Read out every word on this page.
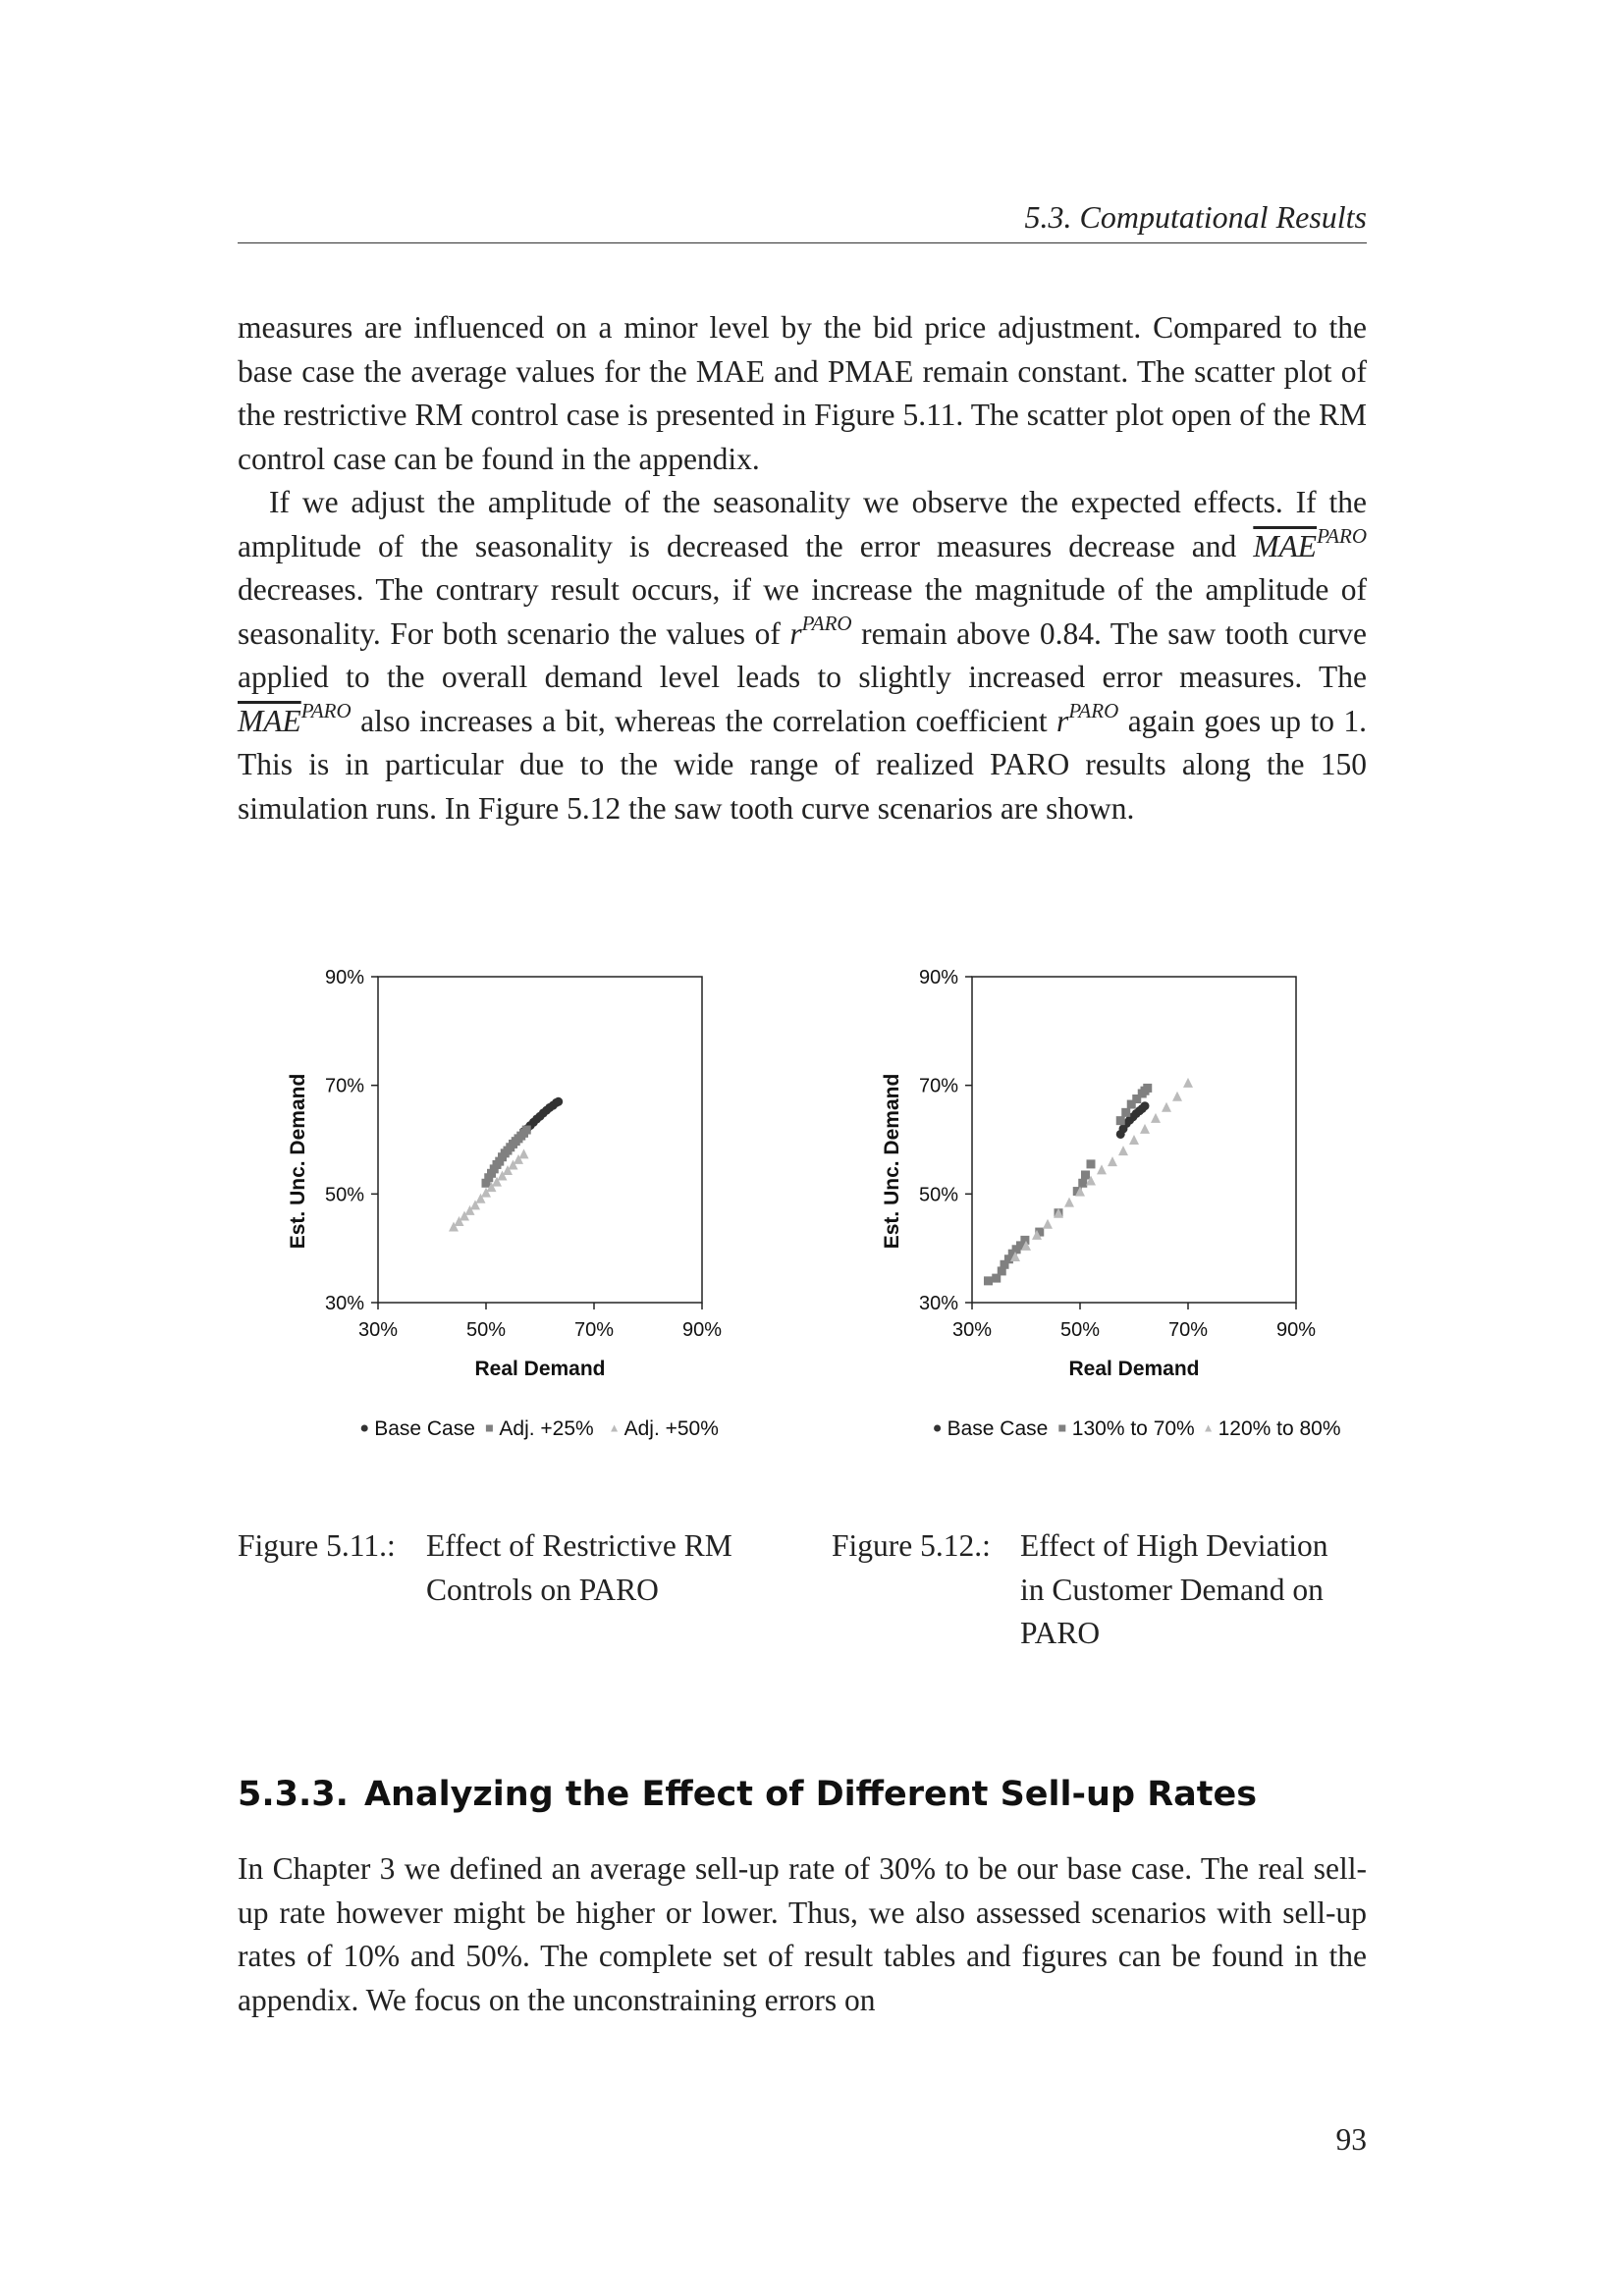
5.3. Computational Results

measures are influenced on a minor level by the bid price adjustment. Compared to the base case the average values for the MAE and PMAE remain constant. The scatter plot of the restrictive RM control case is presented in Figure 5.11. The scatter plot open of the RM control case can be found in the appendix.

If we adjust the amplitude of the seasonality we observe the expected effects. If the amplitude of the seasonality is decreased the error measures decrease and $\overline{MAE}^{PARO}$ decreases. The contrary result occurs, if we increase the magnitude of the amplitude of seasonality. For both scenario the values of $r^{PARO}$ remain above 0.84. The saw tooth curve applied to the overall demand level leads to slightly increased error measures. The $\overline{MAE}^{PARO}$ also increases a bit, whereas the correlation coefficient $r^{PARO}$ again goes up to 1. This is in particular due to the wide range of realized PARO results along the 150 simulation runs. In Figure 5.12 the saw tooth curve scenarios are shown.

90%
70%
50%
30%
30%	50%	70%	90%
Real Demand
Est. Unc. Demand
Base Case Adj. +25% Adj. +50%
90%
70%
50%
30%
30%	50%	70%	90%
Real Demand
Est. Unc. Demand
Base Case 130% to 70% 120% to 80%
Figure 5.11.: Effect of Restrictive RM
Controls on PARO
Figure 5.12.: Effect of High Deviation
in Customer Demand on
PARO
5.3.3. Analyzing the Effect of Different Sell-up Rates

In Chapter 3 we defined an average sell-up rate of 30% to be our base case. The real sell-up rate however might be higher or lower. Thus, we also assessed scenarios with sell-up rates of 10% and 50%. The complete set of result tables and figures can be found in the appendix. We focus on the unconstraining errors on

93
